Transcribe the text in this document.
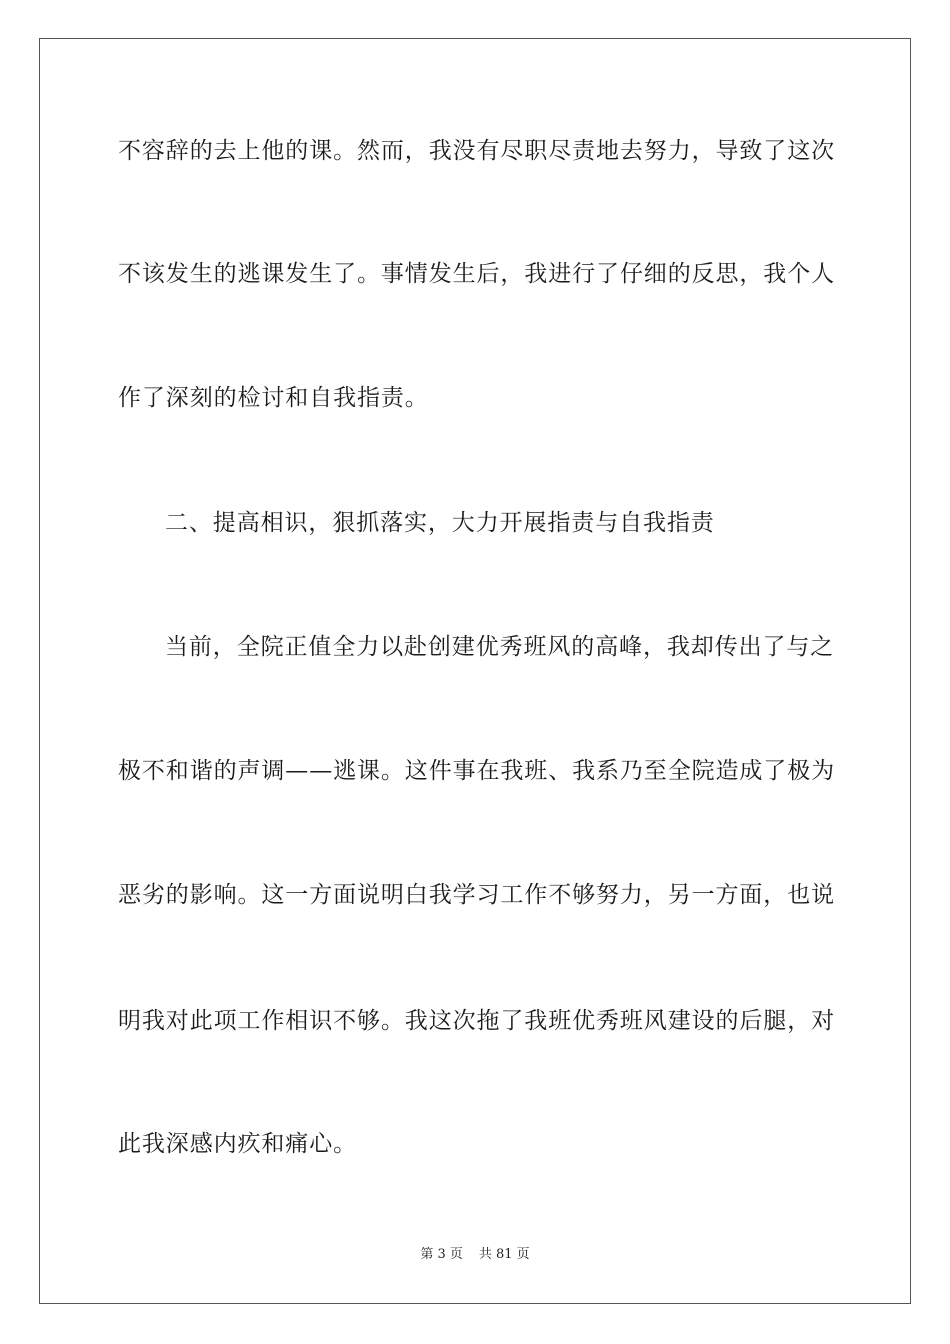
不容辞的去上他的课。然而，我没有尽职尽责地去努力，导致了这次
不该发生的逃课发生了。事情发生后，我进行了仔细的反思，我个人
作了深刻的检讨和自我指责。
二、提高相识，狠抓落实，大力开展指责与自我指责
当前，全院正值全力以赴创建优秀班风的高峰，我却传出了与之
极不和谐的声调——逃课。这件事在我班、我系乃至全院造成了极为
恶劣的影响。这一方面说明白我学习工作不够努力，另一方面，也说
明我对此项工作相识不够。我这次拖了我班优秀班风建设的后腿，对
此我深感内疚和痛心。
第 3 页 共 81 页
